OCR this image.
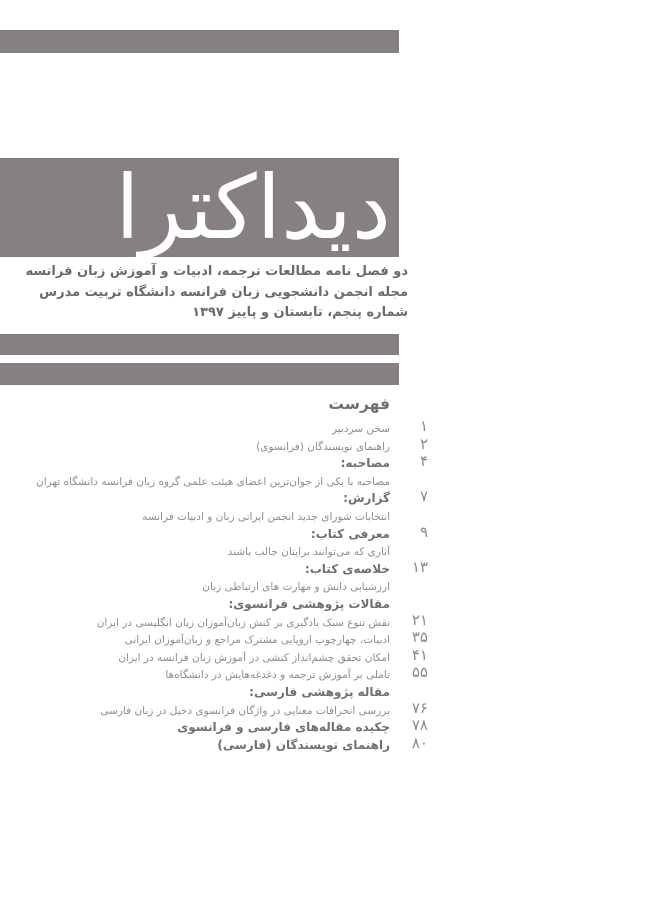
دیداکترا
دو فصل نامه مطالعات ترجمه، ادبیات و آموزش زبان فرانسه
مجله انجمن دانشجویی زبان فرانسه دانشگاه تربیت مدرس
شماره پنجم، تابستان و پاییز ۱۳۹۷
فهرست
۱
سخن سردبیر
۲
راهنمای نویسندگان (فرانسوی)
۴
مصاحبه:
مصاحبه با یکی از جوان‌ترین اعضای هیئت علمی گروه زبان فرانسه دانشگاه تهران
۷
گزارش:
انتخابات شورای جدید انجمن ایرانی زبان و ادبیات فرانسه
۹
معرفی کتاب:
آثاری که می‌توانند برایتان جالب باشند
۱۳
خلاصه‌ی کتاب:
ارزشیابی دانش و مهارت های ارتباطی زبان
مقالات پژوهشی فرانسوی:
۲۱
نقش تنوع سبک یادگیری بر کنش زبان‌آموزان زبان انگلیسی در ایران
۳۵
ادبیات، چهارچوب اروپایی مشترک مراجع و زبان‌آموزان ایرانی
۴۱
امکان تحقق چشم‌انداز کنشی در آموزش زبان فرانسه در ایران
۵۵
تاملی بر آموزش ترجمه و دغدغه‌هایش در دانشگاه‌ها
مقاله پژوهشی فارسی:
۷۶
بررسی انحرافات معنایی در واژگان فرانسوی دخیل در زبان فارسی
۷۸
چکیده مقاله‌های فارسی و فرانسوی
۸۰
راهنمای نویسندگان (فارسی)
